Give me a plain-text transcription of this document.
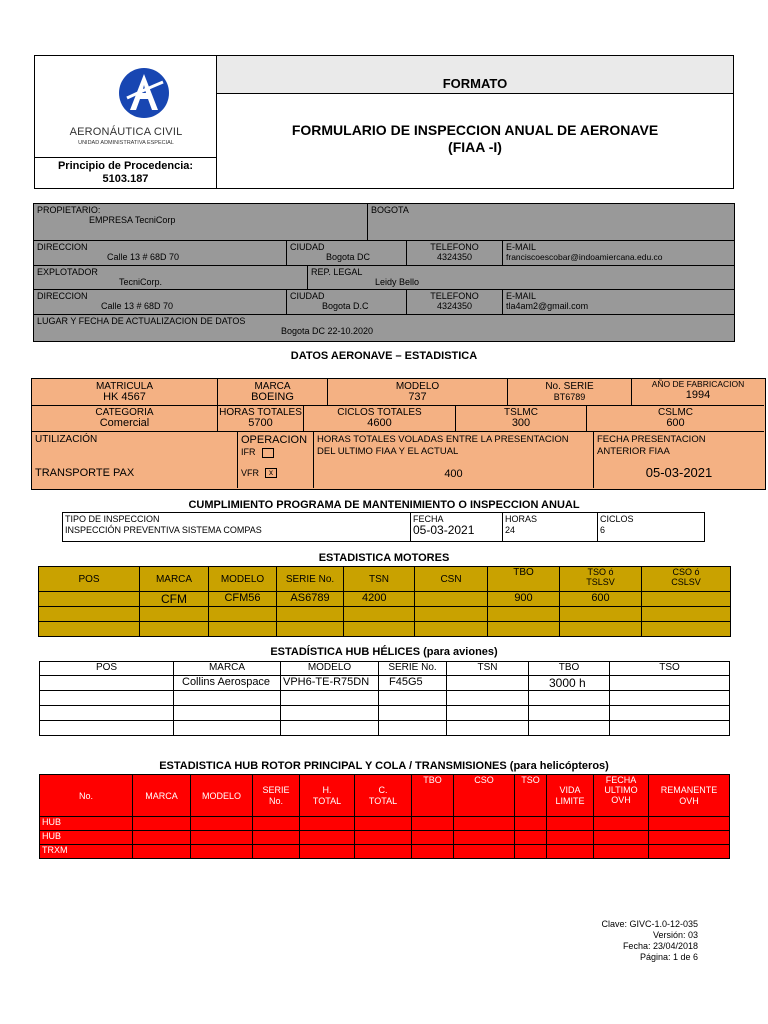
AERONÁUTICA CIVIL
UNIDAD ADMINISTRATIVA ESPECIAL
Principio de Procedencia:
5103.187
FORMATO
FORMULARIO DE INSPECCION ANUAL DE AERONAVE
(FIAA -I)
PROPIETARIO:
EMPRESA TecniCorp
BOGOTA
DIRECCION
Calle 13 # 68D 70
CIUDAD
Bogota DC
TELEFONO
4324350
E-MAIL
franciscoescobar@indoamiercana.edu.co
EXPLOTADOR
TecniCorp.
REP. LEGAL
Leidy Bello
DIRECCION
Calle 13 # 68D 70
CIUDAD
Bogota D.C
TELEFONO
4324350
E-MAIL
tla4am2@gmail.com
LUGAR Y FECHA DE ACTUALIZACION DE DATOS
Bogota DC 22-10.2020
DATOS AERONAVE – ESTADISTICA
MATRICULA
HK 4567
MARCA
BOEING
MODELO
737
No. SERIE
BT6789
AÑO DE FABRICACION
1994
CATEGORIA
Comercial
HORAS TOTALES
5700
CICLOS TOTALES
4600
TSLMC
300
CSLMC
600
UTILIZACIÓN
TRANSPORTE PAX
OPERACION
IFR
VFR x
HORAS TOTALES VOLADAS ENTRE LA PRESENTACION
DEL ULTIMO FIAA Y EL ACTUAL
400
FECHA PRESENTACION
ANTERIOR FIAA
05-03-2021
CUMPLIMIENTO PROGRAMA DE MANTENIMIENTO O INSPECCION ANUAL
TIPO DE INSPECCION
INSPECCIÓN PREVENTIVA SISTEMA COMPAS
FECHA
05-03-2021
HORAS
24
CICLOS
6
ESTADISTICA MOTORES
POS	MARCA	MODELO	SERIE No.	TSN	CSN	TBO	TSO ó TSLSV	CSO ó CSLSV
	CFM	CFM56	AS6789	4200		900	600	

ESTADÍSTICA HUB HÉLICES (para aviones)
POS	MARCA	MODELO	SERIE No.	TSN	TBO	TSO
	Collins Aerospace	VPH6-TE-R75DN	F45G5		3000 h	

ESTADISTICA HUB ROTOR PRINCIPAL Y COLA / TRANSMISIONES (para helicópteros)
No.	MARCA	MODELO	SERIE No.	H. TOTAL	C. TOTAL	TBO	CSO	TSO	VIDA LIMITE	FECHA ULTIMO OVH	REMANENTE OVH
HUB											
HUB											
TRXM											
Clave: GIVC-1.0-12-035
Versión: 03
Fecha: 23/04/2018
Página: 1 de 6
